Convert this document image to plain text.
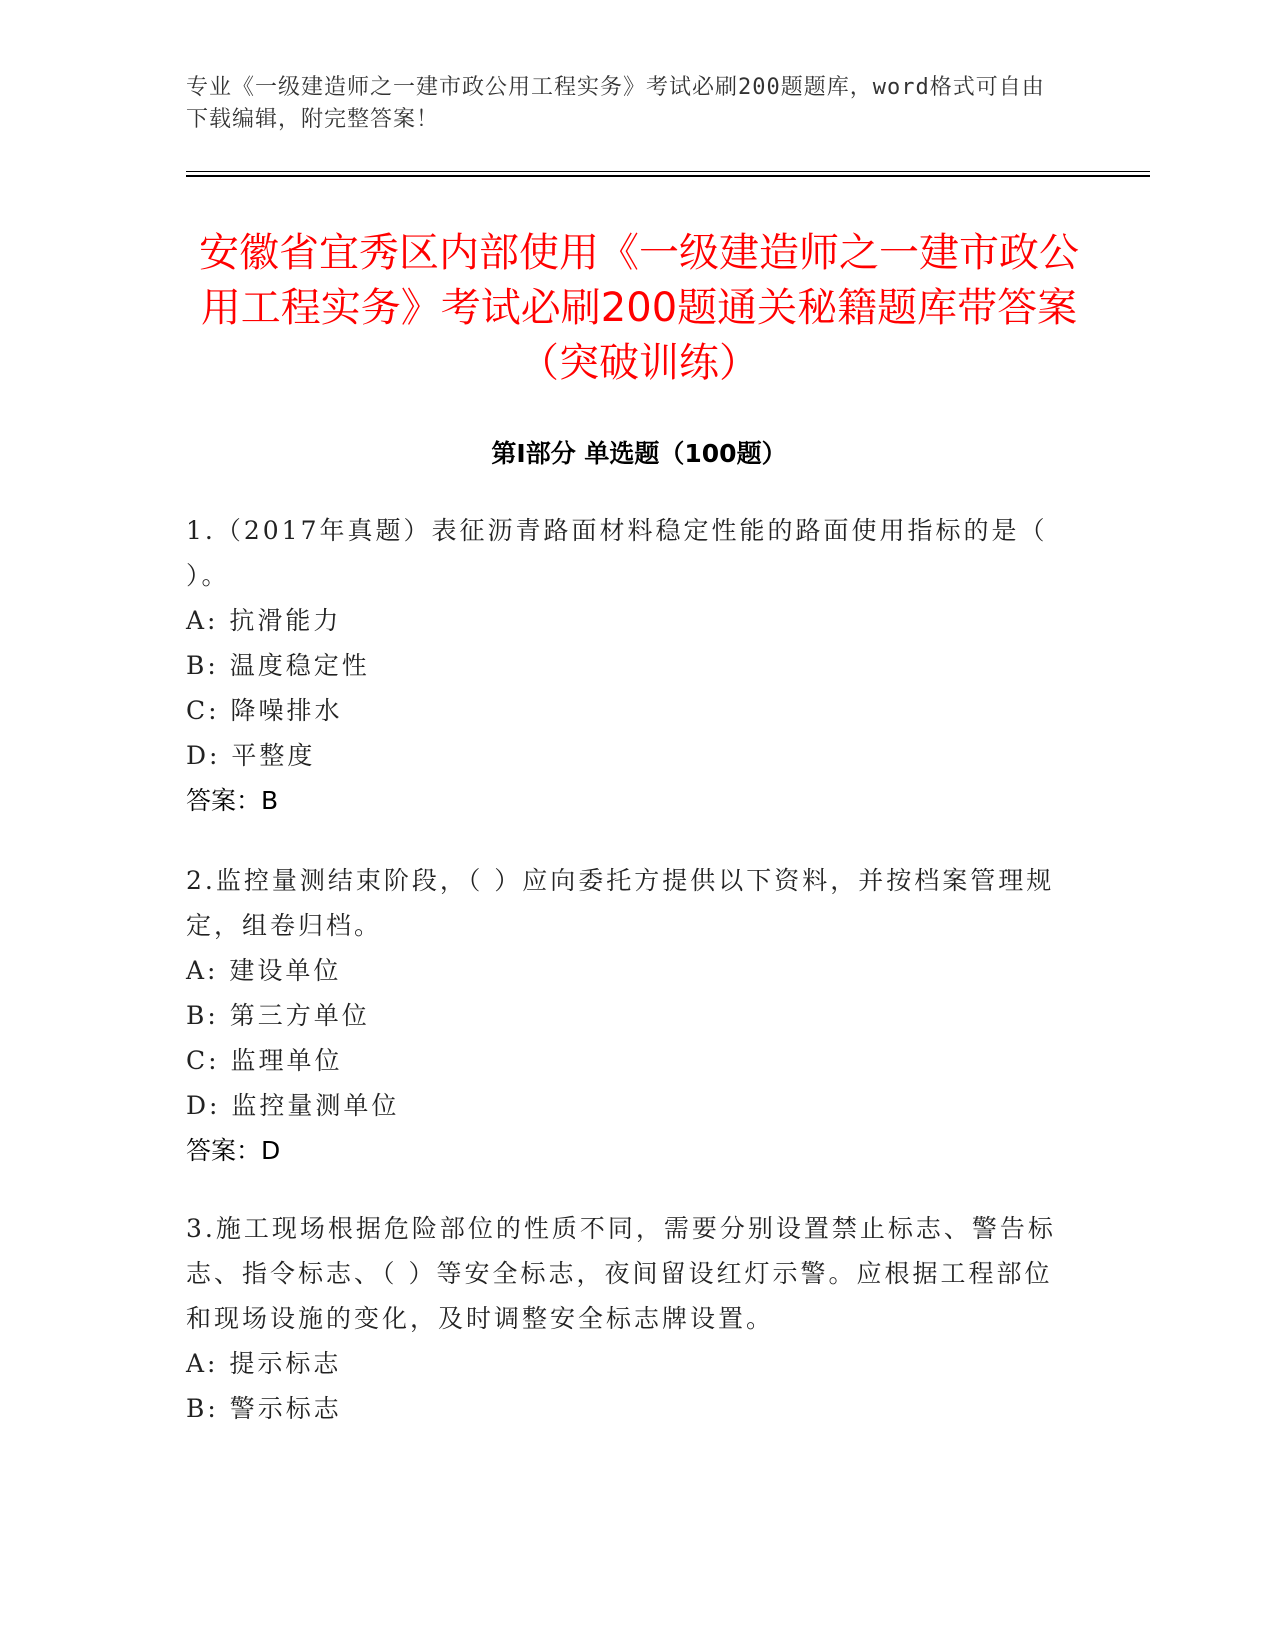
专业《一级建造师之一建市政公用工程实务》考试必刷200题题库，word格式可自由下载编辑，附完整答案！
安徽省宜秀区内部使用《一级建造师之一建市政公用工程实务》考试必刷200题通关秘籍题库带答案（突破训练）
第Ⅰ部分 单选题（100题）

1.（2017年真题）表征沥青路面材料稳定性能的路面使用指标的是（ ）。

A: 抗滑能力

B: 温度稳定性

C: 降噪排水

D: 平整度

答案：B

2.监控量测结束阶段，（ ）应向委托方提供以下资料，并按档案管理规定，组卷归档。

A: 建设单位

B: 第三方单位

C: 监理单位

D: 监控量测单位

答案：D

3.施工现场根据危险部位的性质不同，需要分别设置禁止标志、警告标志、指令标志、（ ）等安全标志，夜间留设红灯示警。应根据工程部位和现场设施的变化，及时调整安全标志牌设置。

A: 提示标志

B: 警示标志
